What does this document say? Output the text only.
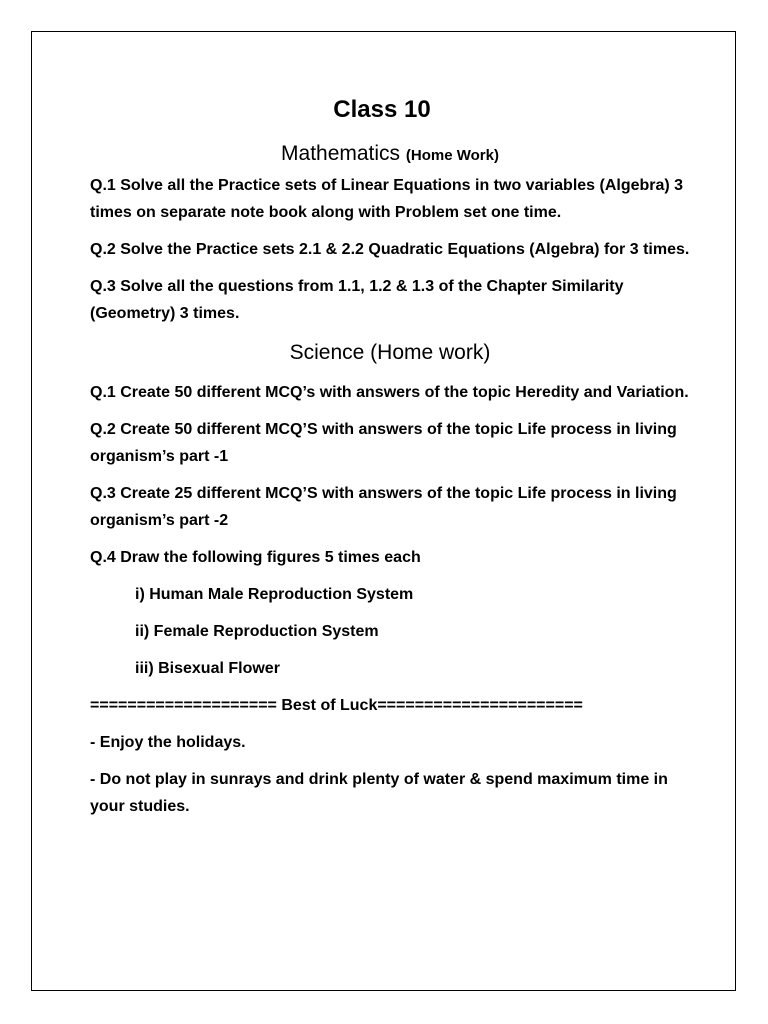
Class 10
Mathematics (Home Work)
Q.1 Solve all the Practice sets of Linear Equations in two variables (Algebra) 3 times on separate note book along with Problem set one time.
Q.2 Solve the Practice sets 2.1 & 2.2 Quadratic Equations (Algebra) for 3 times.
Q.3 Solve all the questions from 1.1, 1.2 & 1.3 of the Chapter Similarity (Geometry) 3 times.
Science (Home work)
Q.1 Create 50 different MCQ’s with answers of the topic Heredity and Variation.
Q.2 Create 50 different MCQ’S with answers of the topic Life process in living organism’s part -1
Q.3 Create 25 different MCQ’S with answers of the topic Life process in living organism’s part -2
Q.4 Draw the following figures 5 times each
i) Human Male Reproduction System
ii) Female Reproduction System
iii) Bisexual Flower
==================== Best of Luck======================
- Enjoy the holidays.
- Do not play in sunrays and drink plenty of water & spend maximum time in your studies.
